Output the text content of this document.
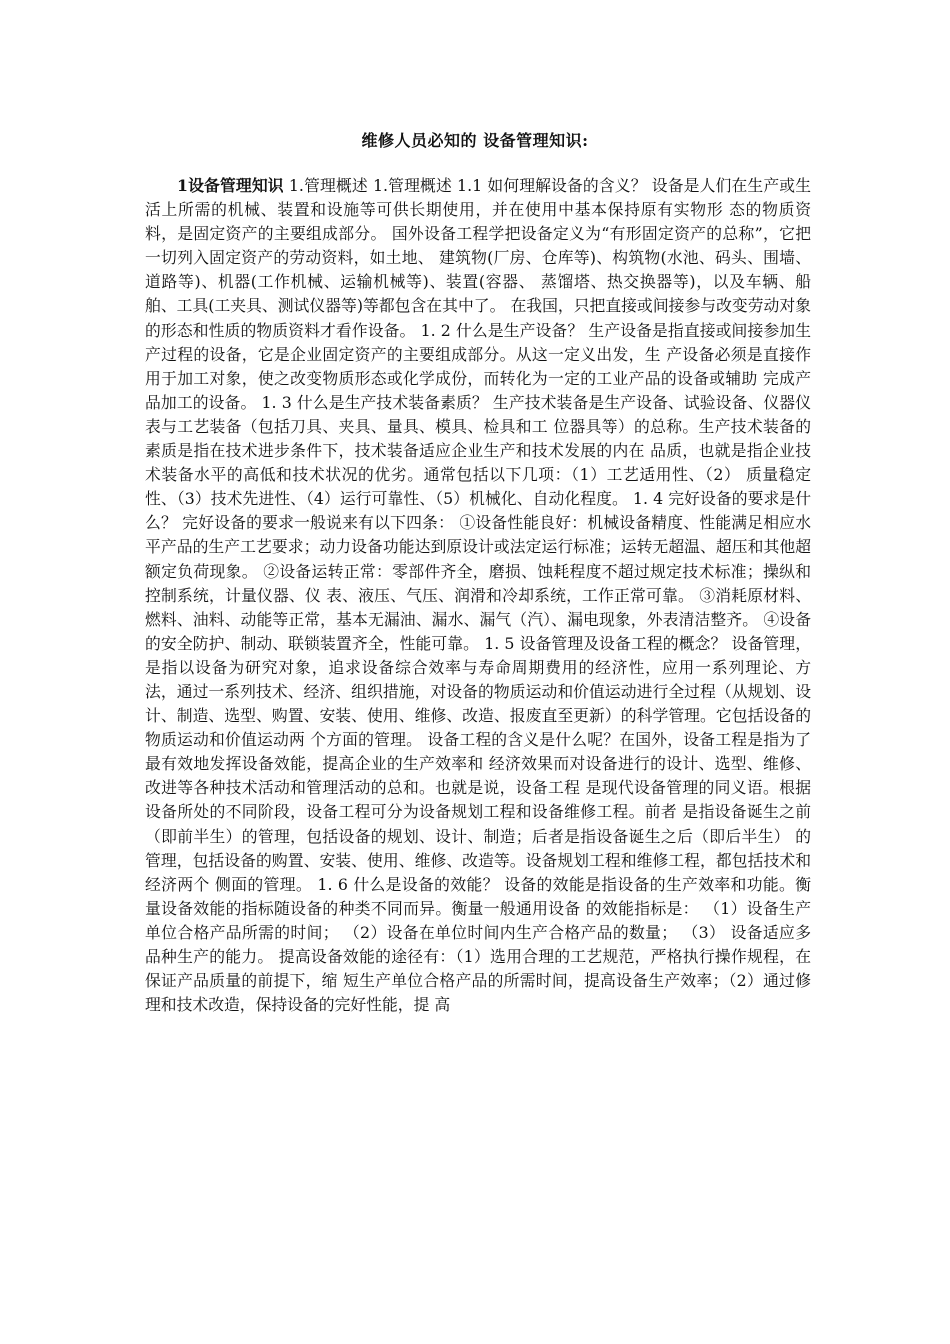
维修人员必知的 设备管理知识:

1设备管理知识 1.管理概述 1.管理概述 1.1 如何理解设备的含义？ 设备是人们在生产或生活上所需的机械、装置和设施等可供长期使用，并在使用中基本保持原有实物形 态的物质资料，是固定资产的主要组成部分。 国外设备工程学把设备定义为“有形固定资产的总称”，它把一切列入固定资产的劳动资料，如土地、 建筑物(厂房、仓库等)、构筑物(水池、码头、围墙、道路等)、机器(工作机械、运输机械等)、装置(容器、 蒸馏塔、热交换器等)，以及车辆、船舶、工具(工夹具、测试仪器等)等都包含在其中了。 在我国，只把直接或间接参与改变劳动对象的形态和性质的物质资料才看作设备。 1. 2 什么是生产设备？ 生产设备是指直接或间接参加生产过程的设备，它是企业固定资产的主要组成部分。从这一定义出发，生 产设备必须是直接作用于加工对象，使之改变物质形态或化学成份，而转化为一定的工业产品的设备或辅助 完成产品加工的设备。 1. 3 什么是生产技术装备素质？ 生产技术装备是生产设备、试验设备、仪器仪表与工艺装备（包括刀具、夹具、量具、模具、检具和工 位器具等）的总称。生产技术装备的素质是指在技术进步条件下，技术装备适应企业生产和技术发展的内在 品质，也就是指企业技术装备水平的高低和技术状况的优劣。通常包括以下几项：（1）工艺适用性、（2） 质量稳定性、（3）技术先进性、（4）运行可靠性、（5）机械化、自动化程度。 1. 4 完好设备的要求是什么？ 完好设备的要求一般说来有以下四条： ①设备性能良好：机械设备精度、性能满足相应水平产品的生产工艺要求；动力设备功能达到原设计或法定运行标准；运转无超温、超压和其他超额定负荷现象。 ②设备运转正常：零部件齐全，磨损、蚀耗程度不超过规定技术标准；操纵和控制系统，计量仪器、仪 表、液压、气压、润滑和冷却系统，工作正常可靠。 ③消耗原材料、燃料、油料、动能等正常，基本无漏油、漏水、漏气（汽）、漏电现象，外表清洁整齐。 ④设备的安全防护、制动、联锁装置齐全，性能可靠。 1. 5 设备管理及设备工程的概念？ 设备管理，是指以设备为研究对象，追求设备综合效率与寿命周期费用的经济性，应用一系列理论、方 法，通过一系列技术、经济、组织措施，对设备的物质运动和价值运动进行全过程（从规划、设计、制造、选型、购置、安装、使用、维修、改造、报废直至更新）的科学管理。它包括设备的物质运动和价值运动两 个方面的管理。 设备工程的含义是什么呢？在国外，设备工程是指为了最有效地发挥设备效能，提高企业的生产效率和 经济效果而对设备进行的设计、选型、维修、改进等各种技术活动和管理活动的总和。也就是说，设备工程 是现代设备管理的同义语。根据设备所处的不同阶段，设备工程可分为设备规划工程和设备维修工程。前者 是指设备诞生之前（即前半生）的管理，包括设备的规划、设计、制造；后者是指设备诞生之后（即后半生） 的管理，包括设备的购置、安装、使用、维修、改造等。设备规划工程和维修工程，都包括技术和经济两个 侧面的管理。 1. 6 什么是设备的效能？ 设备的效能是指设备的生产效率和功能。衡量设备效能的指标随设备的种类不同而异。衡量一般通用设备 的效能指标是： （1）设备生产单位合格产品所需的时间； （2）设备在单位时间内生产合格产品的数量； （3） 设备适应多品种生产的能力。 提高设备效能的途径有：（1）选用合理的工艺规范，严格执行操作规程，在保证产品质量的前提下，缩 短生产单位合格产品的所需时间，提高设备生产效率；（2）通过修理和技术改造，保持设备的完好性能，提 高
